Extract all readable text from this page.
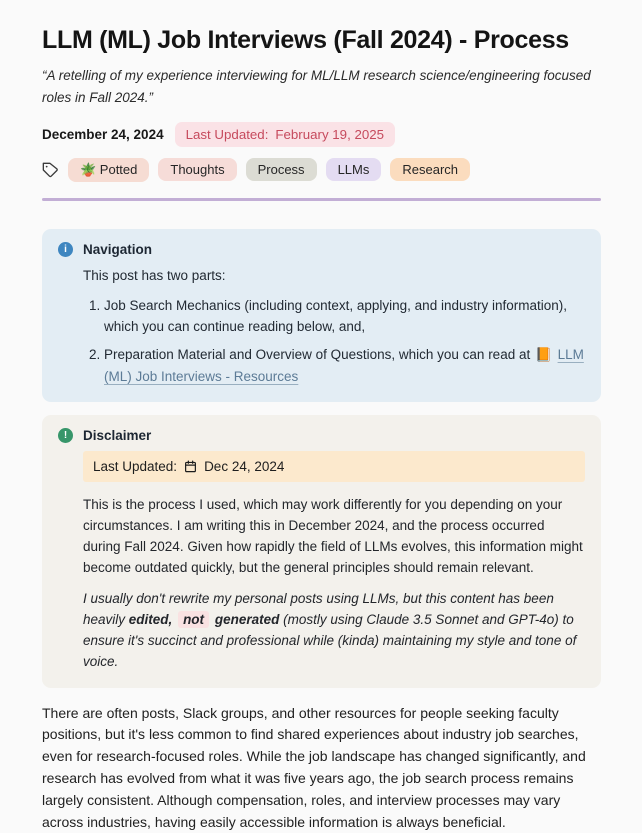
LLM (ML) Job Interviews (Fall 2024) - Process

“A retelling of my experience interviewing for ML/LLM research science/engineering focused roles in Fall 2024.”

December 24, 2024 Last Updated: February 19, 2025
🪴 Potted	Thoughts	Process	LLMs	Research
i	Navigation
This post has two parts:
1. Job Search Mechanics (including context, applying, and industry information), which you can continue reading below, and,
2. Preparation Material and Overview of Questions, which you can read at 📙 LLM (ML) Job Interviews - Resources
!	Disclaimer
Last Updated: Dec 24, 2024

This is the process I used, which may work differently for you depending on your circumstances. I am writing this in December 2024, and the process occurred during Fall 2024. Given how rapidly the field of LLMs evolves, this information might become outdated quickly, but the general principles should remain relevant.

I usually don't rewrite my personal posts using LLMs, but this content has been heavily edited, not generated (mostly using Claude 3.5 Sonnet and GPT-4o) to ensure it's succinct and professional while (kinda) maintaining my style and tone of voice.

There are often posts, Slack groups, and other resources for people seeking faculty positions, but it's less common to find shared experiences about industry job searches, even for research-focused roles. While the job landscape has changed significantly, and research has evolved from what it was five years ago, the job search process remains largely consistent. Although compensation, roles, and interview processes may vary across industries, having easily accessible information is always beneficial.
